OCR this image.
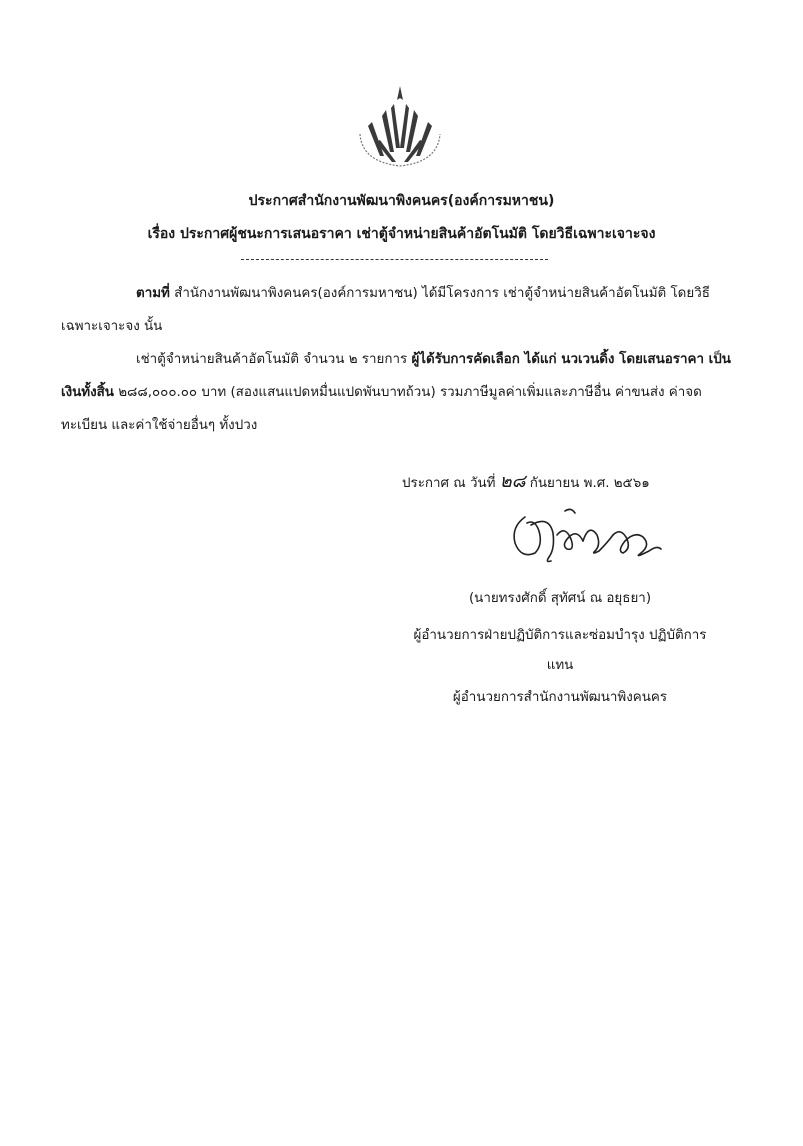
ประกาศสำนักงานพัฒนาพิงคนคร(องค์การมหาชน)
เรื่อง ประกาศผู้ชนะการเสนอราคา เช่าตู้จำหน่ายสินค้าอัตโนมัติ โดยวิธีเฉพาะเจาะจง
ตามที่ สำนักงานพัฒนาพิงคนคร(องค์การมหาชน) ได้มีโครงการ เช่าตู้จำหน่ายสินค้าอัตโนมัติ โดยวิธี
เฉพาะเจาะจง นั้น
เช่าตู้จำหน่ายสินค้าอัตโนมัติ จำนวน ๒ รายการ ผู้ได้รับการคัดเลือก ได้แก่ นวเวนดิ้ง โดยเสนอราคา เป็น
เงินทั้งสิ้น ๒๘๘,๐๐๐.๐๐ บาท (สองแสนแปดหมื่นแปดพันบาทถ้วน) รวมภาษีมูลค่าเพิ่มและภาษีอื่น ค่าขนส่ง ค่าจด
ทะเบียน และค่าใช้จ่ายอื่นๆ ทั้งปวง
ประกาศ ณ วันที่ ๒๘ กันยายน พ.ศ. ๒๕๖๑
(นายทรงศักดิ์ สุทัศน์ ณ อยุธยา)
ผู้อำนวยการฝ่ายปฏิบัติการและซ่อมบำรุง ปฏิบัติการ
แทน
ผู้อำนวยการสำนักงานพัฒนาพิงคนคร
